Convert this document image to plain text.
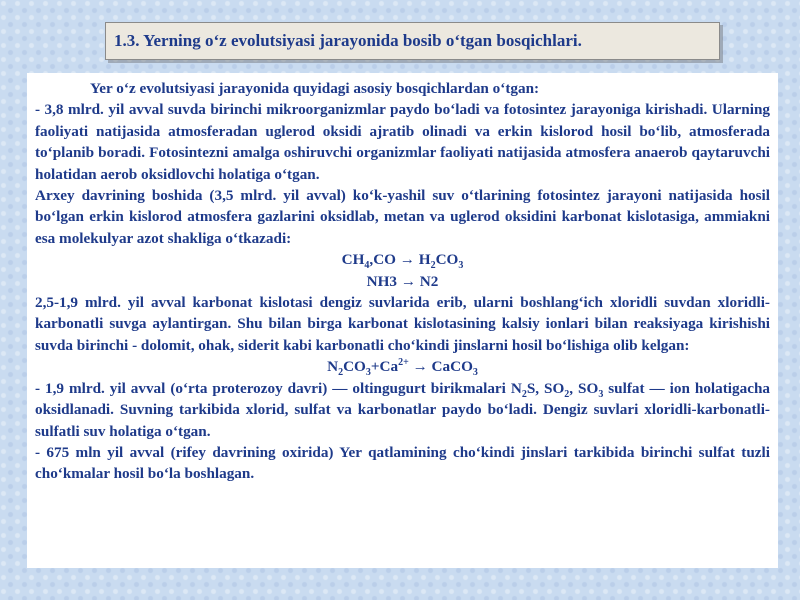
1.3. Yerning o‘z evolutsiyasi jarayonida bosib o‘tgan bosqichlari.

Yer o‘z evolutsiyasi jarayonida quyidagi asosiy bosqichlardan o‘tgan:

- 3,8 mlrd. yil avval suvda birinchi mikroorganizmlar paydo bo‘ladi va fotosintez jarayoniga kirishadi. Ularning faoliyati natijasida atmosferadan uglerod oksidi ajratib olinadi va erkin kislorod hosil bo‘lib, atmosferada to‘planib boradi. Fotosintezni amalga oshiruvchi organizmlar faoliyati natijasida atmosfera anaerob qaytaruvchi holatidan aerob oksidlovchi holatiga o‘tgan.

Arxey davrining boshida (3,5 mlrd. yil avval) ko‘k-yashil suv o‘tlarining fotosintez jarayoni natijasida hosil bo‘lgan erkin kislorod atmosfera gazlarini oksidlab, metan va uglerod oksidini karbonat kislotasiga, ammiakni esa molekulyar azot shakliga o‘tkazadi:

$CH_4,CO \to H_2CO_3$

NH3 → N2

2,5-1,9 mlrd. yil avval karbonat kislotasi dengiz suvlarida erib, ularni boshlang‘ich xloridli suvdan xloridli-karbonatli suvga aylantirgan. Shu bilan birga karbonat kislotasining kalsiy ionlari bilan reaksiyaga kirishishi suvda birinchi - dolomit, ohak, siderit kabi karbonatli cho‘kindi jinslarni hosil bo‘lishiga olib kelgan:

$N_2CO_3+Ca^{2+}$ → CaCO$_3$

- 1,9 mlrd. yil avval (o‘rta proterozoy davri) — oltingugurt birikmalari $N_2S$, $SO_2$, $SO_3$ sulfat — ion holatigacha oksidlanadi. Suvning tarkibida xlorid, sulfat va karbonatlar paydo bo‘ladi. Dengiz suvlari xloridli-karbonatli-sulfatli suv holatiga o‘tgan.

- 675 mln yil avval (rifey davrining oxirida) Yer qatlamining cho‘kindi jinslari tarkibida birinchi sulfat tuzli cho‘kmalar hosil bo‘la boshlagan.
